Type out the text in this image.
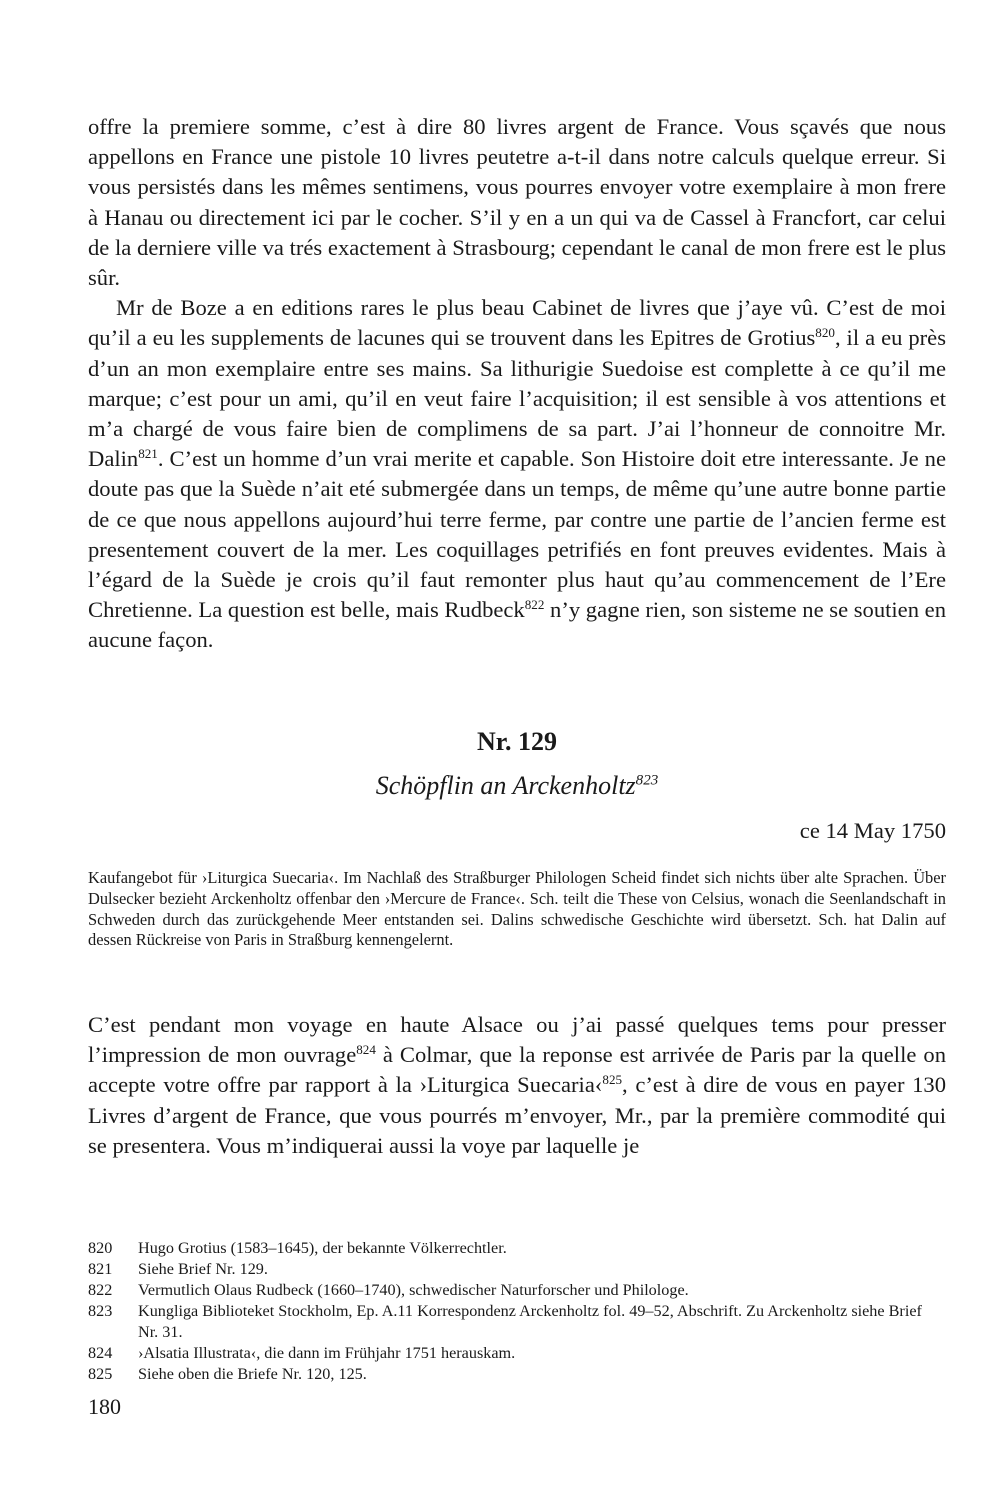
offre la premiere somme, c’est à dire 80 livres argent de France. Vous sçavés que nous appellons en France une pistole 10 livres peutetre a-t-il dans notre calculs quelque erreur. Si vous persistés dans les mêmes sentimens, vous pourres envoyer votre exemplaire à mon frere à Hanau ou directement ici par le cocher. S’il y en a un qui va de Cassel à Francfort, car celui de la derniere ville va trés exactement à Strasbourg; cependant le canal de mon frere est le plus sûr.

Mr de Boze a en editions rares le plus beau Cabinet de livres que j’aye vû. C’est de moi qu’il a eu les supplements de lacunes qui se trouvent dans les Epitres de Grotius$^{820}$, il a eu près d’un an mon exemplaire entre ses mains. Sa lithurigie Suedoise est complette à ce qu’il me marque; c’est pour un ami, qu’il en veut faire l’acquisition; il est sensible à vos attentions et m’a chargé de vous faire bien de complimens de sa part. J’ai l’honneur de connoitre Mr. Dalin$^{821}$. C’est un homme d’un vrai merite et capable. Son Histoire doit etre interessante. Je ne doute pas que la Suède n’ait eté submergée dans un temps, de même qu’une autre bonne partie de ce que nous appellons aujourd’hui terre ferme, par contre une partie de l’ancien ferme est presentement couvert de la mer. Les coquillages petrifiés en font preuves evidentes. Mais à l’égard de la Suède je crois qu’il faut remonter plus haut qu’au commencement de l’Ere Chretienne. La question est belle, mais Rudbeck$^{822}$ n’y gagne rien, son sisteme ne se soutien en aucune façon.

Nr. 129
Schöpflin an Arckenholtz$^{823}$
ce 14 May 1750

Kaufangebot für ›Liturgica Suecaria‹. Im Nachlaß des Straßburger Philologen Scheid findet sich nichts über alte Sprachen. Über Dulsecker bezieht Arckenholtz offenbar den ›Mercure de France‹. Sch. teilt die These von Celsius, wonach die Seenlandschaft in Schweden durch das zurückgehende Meer entstanden sei. Dalins schwedische Geschichte wird übersetzt. Sch. hat Dalin auf dessen Rückreise von Paris in Straßburg kennengelernt.

C’est pendant mon voyage en haute Alsace ou j’ai passé quelques tems pour presser l’impression de mon ouvrage$^{824}$ à Colmar, que la reponse est arrivée de Paris par la quelle on accepte votre offre par rapport à la ›Liturgica Suecaria‹$^{825}$, c’est à dire de vous en payer 130 Livres d’argent de France, que vous pourrés m’envoyer, Mr., par la première commodité qui se presentera. Vous m’indiquerai aussi la voye par laquelle je

820	Hugo Grotius (1583–1645), der bekannte Völkerrechtler.
821	Siehe Brief Nr. 129.
822	Vermutlich Olaus Rudbeck (1660–1740), schwedischer Naturforscher und Philologe.
823	Kungliga Biblioteket Stockholm, Ep. A.11 Korrespondenz Arckenholtz fol. 49–52, Abschrift. Zu Arckenholtz siehe Brief Nr. 31.
824	›Alsatia Illustrata‹, die dann im Frühjahr 1751 herauskam.
825	Siehe oben die Briefe Nr. 120, 125.
180
